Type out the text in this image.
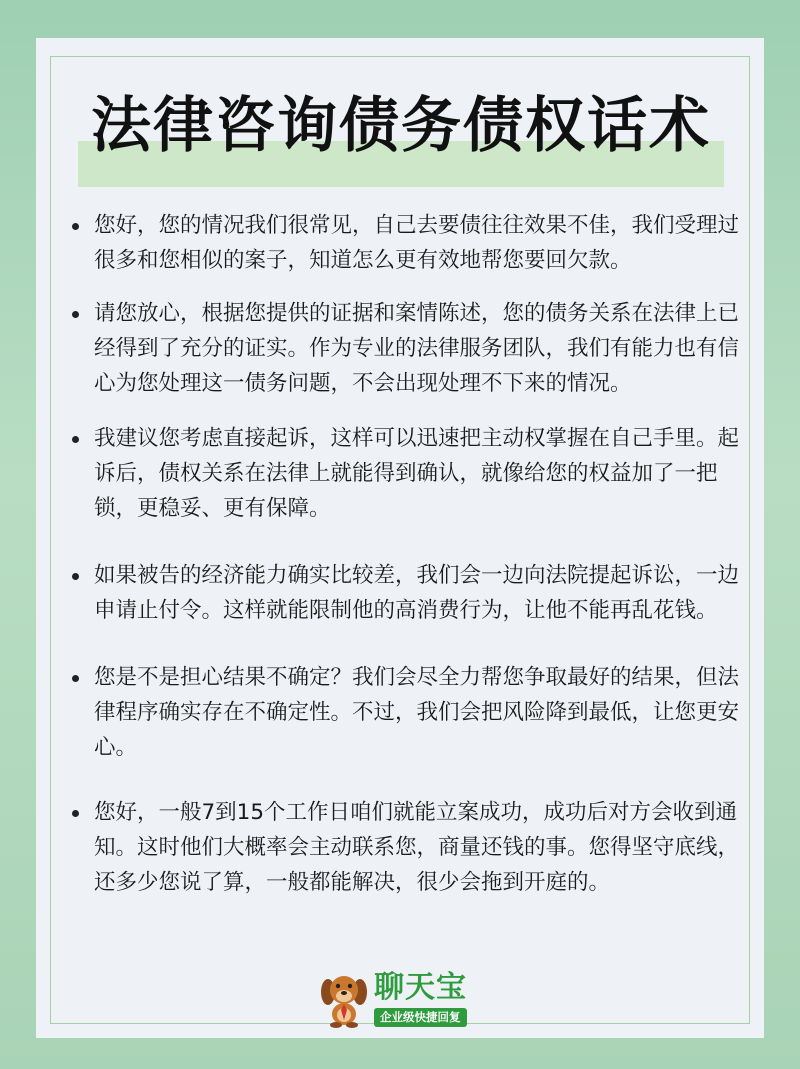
法律咨询债务债权话术
您好，您的情况我们很常见，自己去要债往往效果不佳，我们受理过很多和您相似的案子，知道怎么更有效地帮您要回欠款。
请您放心，根据您提供的证据和案情陈述，您的债务关系在法律上已经得到了充分的证实。作为专业的法律服务团队，我们有能力也有信心为您处理这一债务问题，不会出现处理不下来的情况。
我建议您考虑直接起诉，这样可以迅速把主动权掌握在自己手里。起诉后，债权关系在法律上就能得到确认，就像给您的权益加了一把锁，更稳妥、更有保障。
如果被告的经济能力确实比较差，我们会一边向法院提起诉讼，一边申请止付令。这样就能限制他的高消费行为，让他不能再乱花钱。
您是不是担心结果不确定？我们会尽全力帮您争取最好的结果，但法律程序确实存在不确定性。不过，我们会把风险降到最低，让您更安心。
您好，一般7到15个工作日咱们就能立案成功，成功后对方会收到通知。这时他们大概率会主动联系您，商量还钱的事。您得坚守底线，还多少您说了算，一般都能解决，很少会拖到开庭的。
聊天宝
企业级快捷回复
